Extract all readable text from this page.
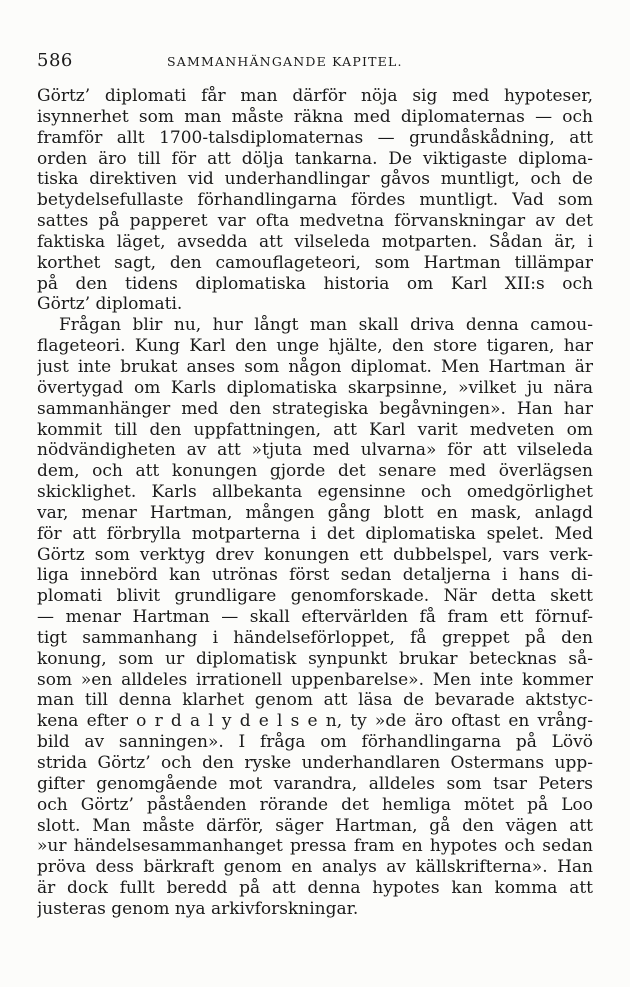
586	SAMMANHÄNGANDE KAPITEL.
Görtz’ diplomati får man därför nöja sig med hypoteser,
isynnerhet som man måste räkna med diplomaternas — och
framför allt 1700-talsdiplomaternas — grundåskådning, att
orden äro till för att dölja tankarna. De viktigaste diploma-
tiska direktiven vid underhandlingar gåvos muntligt, och de
betydelsefullaste förhandlingarna fördes muntligt. Vad som
sattes på papperet var ofta medvetna förvanskningar av det
faktiska läget, avsedda att vilseleda motparten. Sådan är, i
korthet sagt, den camouflageteori, som Hartman tillämpar
på den tidens diplomatiska historia om Karl XII:s och
Görtz’ diplomati.
Frågan blir nu, hur långt man skall driva denna camou-
flageteori. Kung Karl den unge hjälte, den store tigaren, har
just inte brukat anses som någon diplomat. Men Hartman är
övertygad om Karls diplomatiska skarpsinne, »vilket ju nära
sammanhänger med den strategiska begåvningen». Han har
kommit till den uppfattningen, att Karl varit medveten om
nödvändigheten av att »tjuta med ulvarna» för att vilseleda
dem, och att konungen gjorde det senare med överlägsen
skicklighet. Karls allbekanta egensinne och omedgörlighet
var, menar Hartman, mången gång blott en mask, anlagd
för att förbrylla motparterna i det diplomatiska spelet. Med
Görtz som verktyg drev konungen ett dubbelspel, vars verk-
liga innebörd kan utrönas först sedan detaljerna i hans di-
plomati blivit grundligare genomforskade. När detta skett
— menar Hartman — skall eftervärlden få fram ett förnuf-
tigt sammanhang i händelseförloppet, få greppet på den
konung, som ur diplomatisk synpunkt brukar betecknas så-
som »en alldeles irrationell uppenbarelse». Men inte kommer
man till denna klarhet genom att läsa de bevarade aktstyc-
kena efter o r d a l y d e l s e n, ty »de äro oftast en vrång-
bild av sanningen». I fråga om förhandlingarna på Lövö
strida Görtz’ och den ryske underhandlaren Ostermans upp-
gifter genomgående mot varandra, alldeles som tsar Peters
och Görtz’ påståenden rörande det hemliga mötet på Loo
slott. Man måste därför, säger Hartman, gå den vägen att
»ur händelsesammanhanget pressa fram en hypotes och sedan
pröva dess bärkraft genom en analys av källskrifterna». Han
är dock fullt beredd på att denna hypotes kan komma att
justeras genom nya arkivforskningar.
